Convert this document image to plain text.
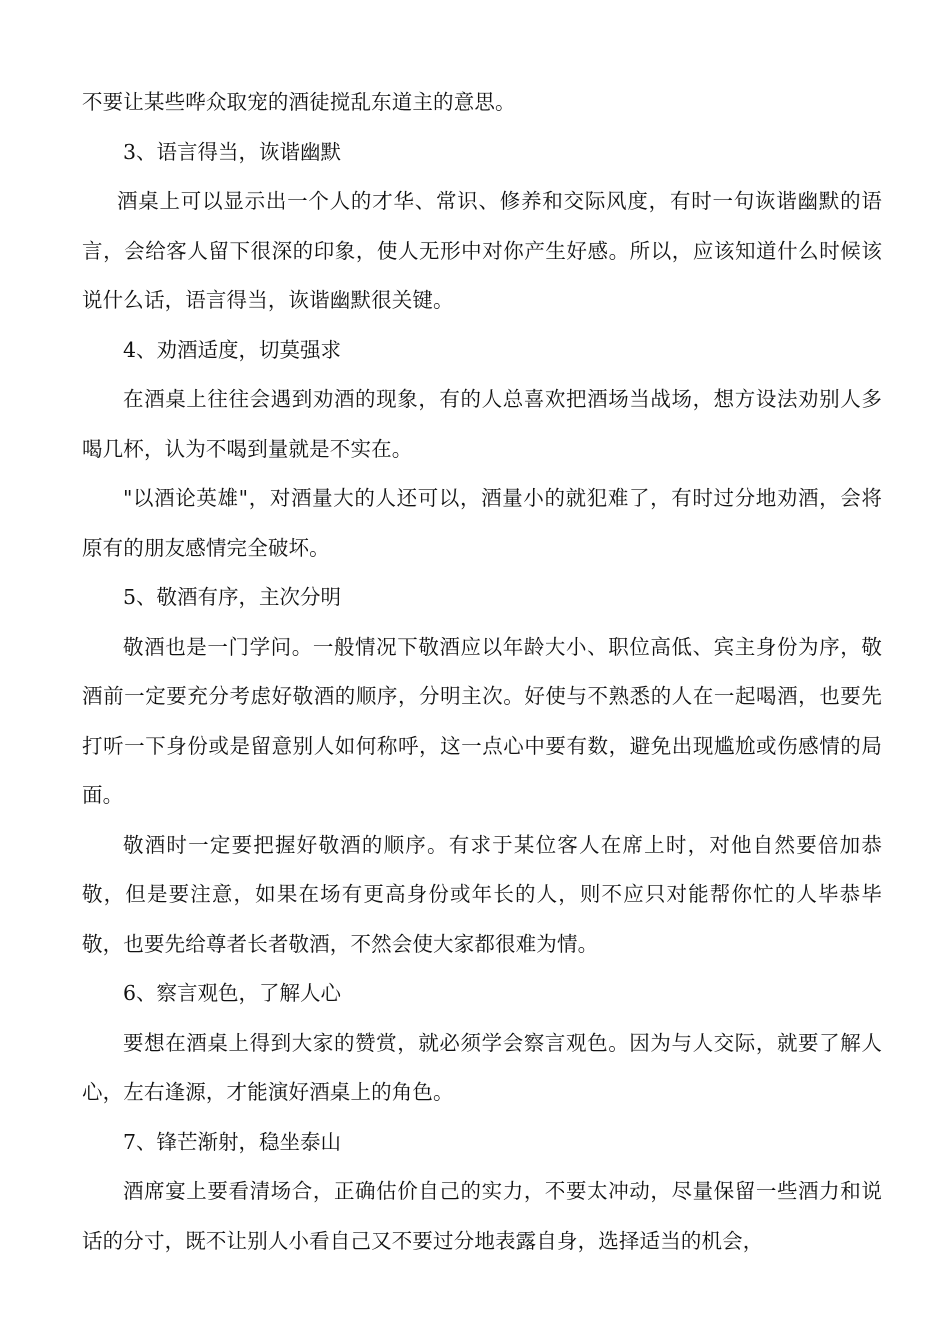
不要让某些哗众取宠的酒徒搅乱东道主的意思。

3、语言得当，诙谐幽默

酒桌上可以显示出一个人的才华、常识、修养和交际风度，有时一句诙谐幽默的语言，会给客人留下很深的印象，使人无形中对你产生好感。所以，应该知道什么时候该说什么话，语言得当，诙谐幽默很关键。

4、劝酒适度，切莫强求

在酒桌上往往会遇到劝酒的现象，有的人总喜欢把酒场当战场，想方设法劝别人多喝几杯，认为不喝到量就是不实在。

"以酒论英雄"，对酒量大的人还可以，酒量小的就犯难了，有时过分地劝酒，会将原有的朋友感情完全破坏。

5、敬酒有序，主次分明

敬酒也是一门学问。一般情况下敬酒应以年龄大小、职位高低、宾主身份为序，敬酒前一定要充分考虑好敬酒的顺序，分明主次。好使与不熟悉的人在一起喝酒，也要先打听一下身份或是留意别人如何称呼，这一点心中要有数，避免出现尴尬或伤感情的局面。

敬酒时一定要把握好敬酒的顺序。有求于某位客人在席上时，对他自然要倍加恭敬，但是要注意，如果在场有更高身份或年长的人，则不应只对能帮你忙的人毕恭毕敬，也要先给尊者长者敬酒，不然会使大家都很难为情。

6、察言观色，了解人心

要想在酒桌上得到大家的赞赏，就必须学会察言观色。因为与人交际，就要了解人心，左右逢源，才能演好酒桌上的角色。

7、锋芒渐射，稳坐泰山

酒席宴上要看清场合，正确估价自己的实力，不要太冲动，尽量保留一些酒力和说话的分寸，既不让别人小看自己又不要过分地表露自身，选择适当的机会，
